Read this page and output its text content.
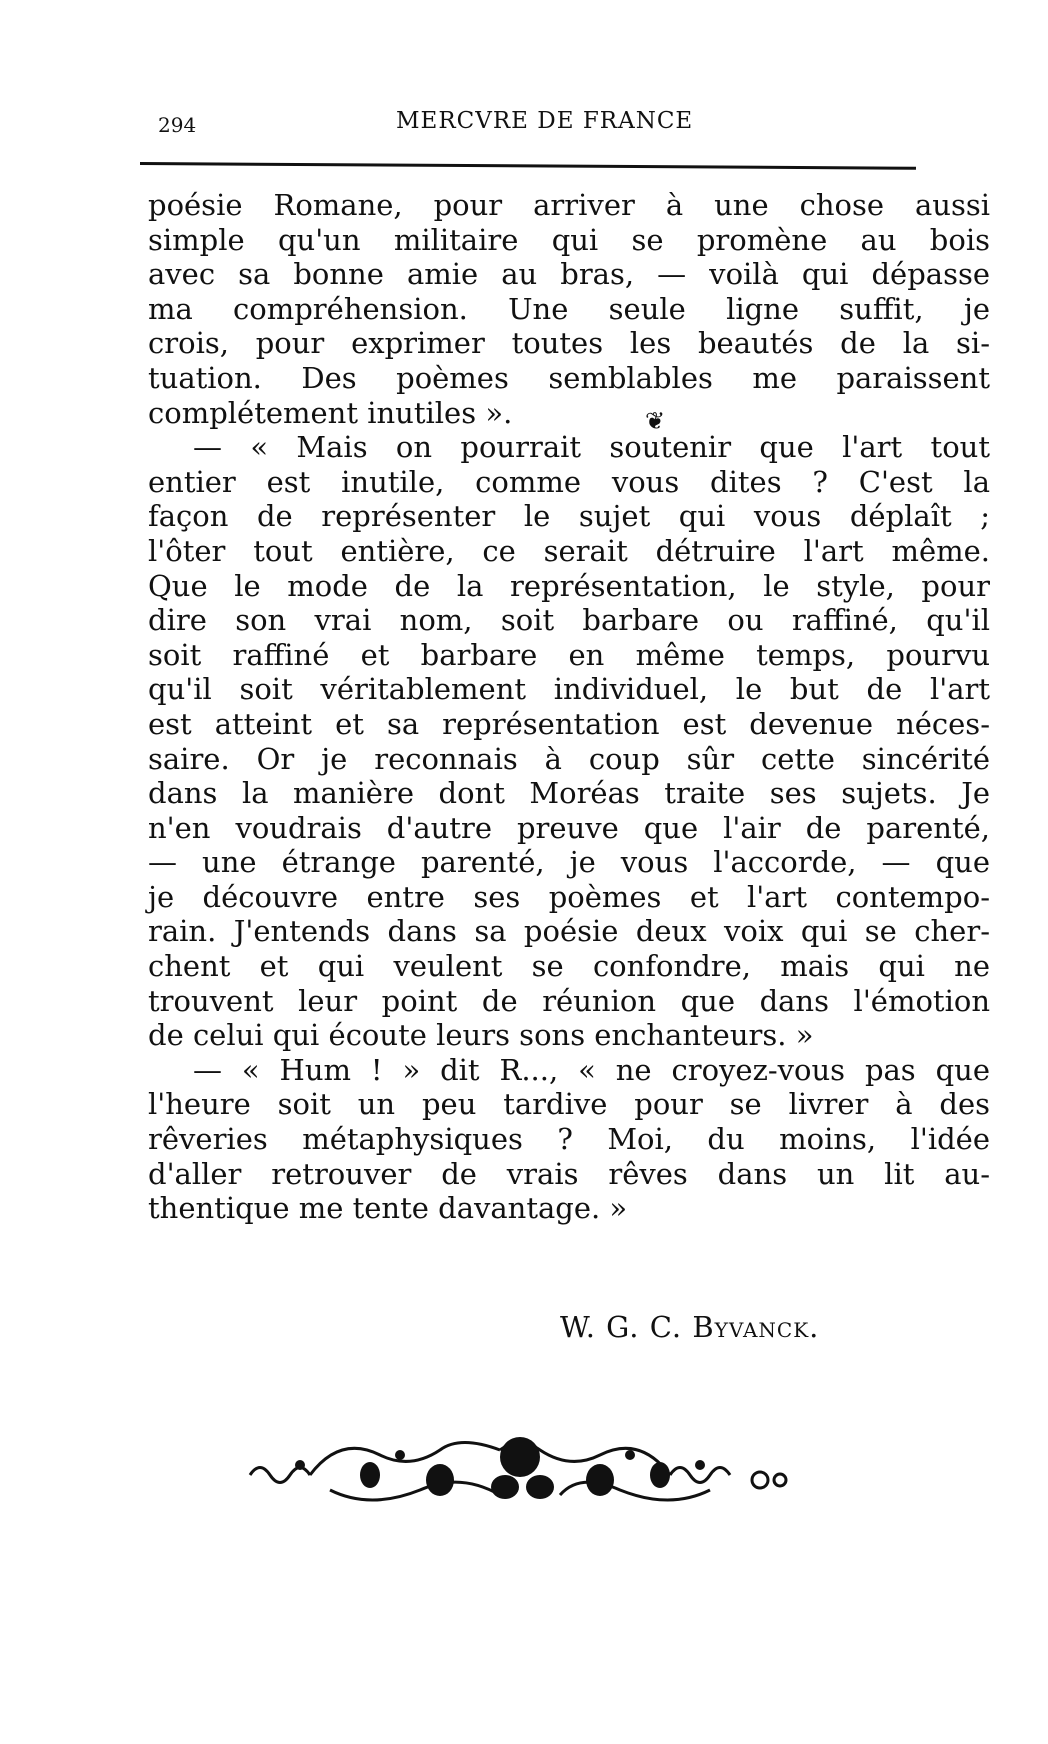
294	MERCVRE DE FRANCE
poésie Romane, pour arriver à une chose aussi
simple qu'un militaire qui se promène au bois
avec sa bonne amie au bras, — voilà qui dépasse
ma compréhension. Une seule ligne suffit, je
crois, pour exprimer toutes les beautés de la si-
tuation. Des poèmes semblables me paraissent
complétement inutiles ».
— « Mais on pourrait soutenir que l'art tout
entier est inutile, comme vous dites ? C'est la
façon de représenter le sujet qui vous déplaît ;
l'ôter tout entière, ce serait détruire l'art même.
Que le mode de la représentation, le style, pour
dire son vrai nom, soit barbare ou raffiné, qu'il
soit raffiné et barbare en même temps, pourvu
qu'il soit véritablement individuel, le but de l'art
est atteint et sa représentation est devenue néces-
saire. Or je reconnais à coup sûr cette sincérité
dans la manière dont Moréas traite ses sujets. Je
n'en voudrais d'autre preuve que l'air de parenté,
— une étrange parenté, je vous l'accorde, — que
je découvre entre ses poèmes et l'art contempo-
rain. J'entends dans sa poésie deux voix qui se cher-
chent et qui veulent se confondre, mais qui ne
trouvent leur point de réunion que dans l'émotion
de celui qui écoute leurs sons enchanteurs. »
— « Hum ! » dit R..., « ne croyez-vous pas que
l'heure soit un peu tardive pour se livrer à des
rêveries métaphysiques ? Moi, du moins, l'idée
d'aller retrouver de vrais rêves dans un lit au-
thentique me tente davantage. »
❦
W. G. C. Byvanck.
